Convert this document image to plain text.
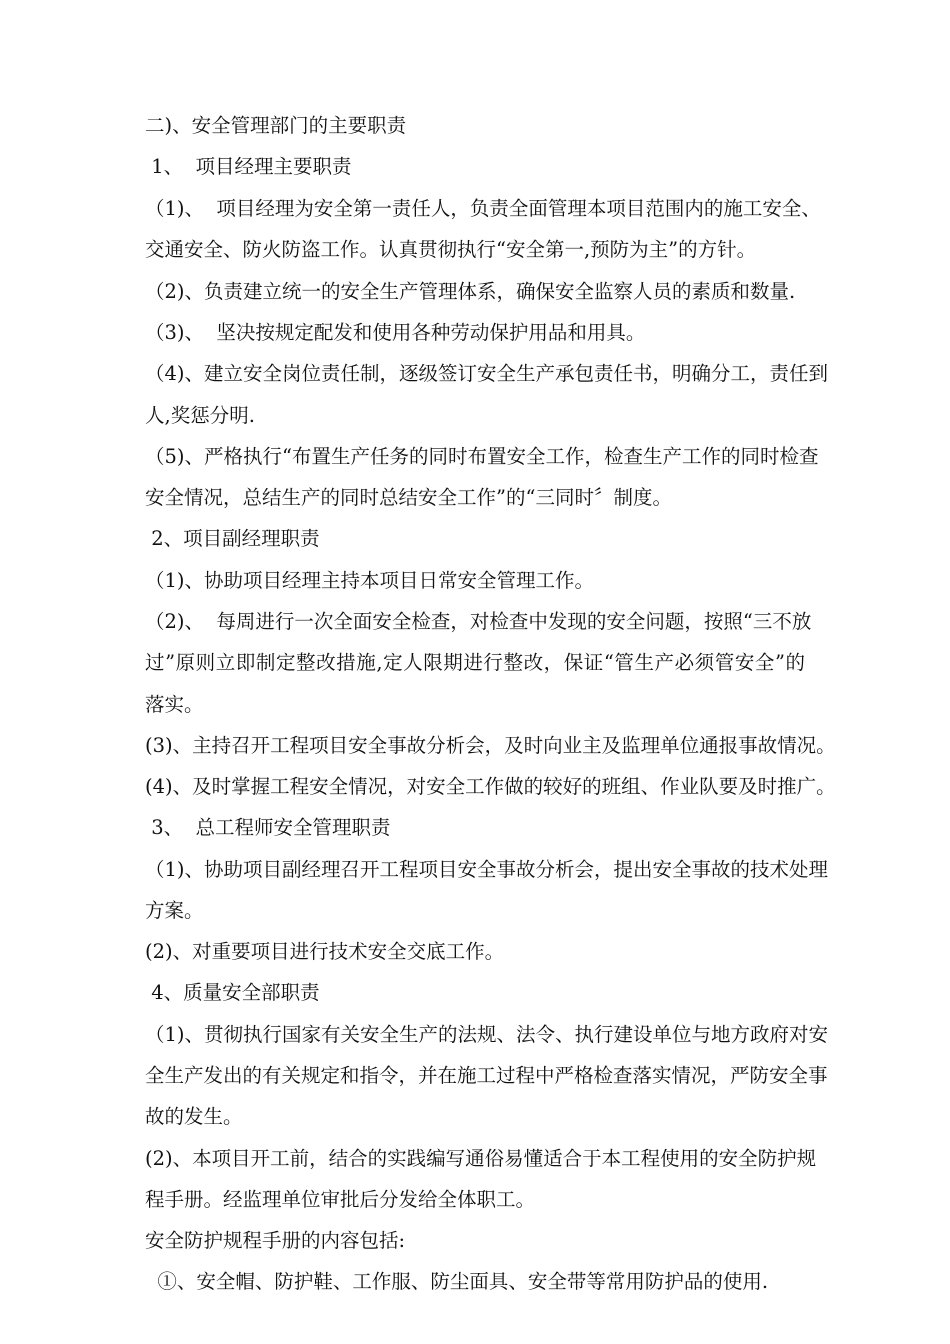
二)、安全管理部门的主要职责
1、  项目经理主要职责
（1)、  项目经理为安全第一责任人，负责全面管理本项目范围内的施工安全、
交通安全、防火防盗工作。认真贯彻执行“安全第一,预防为主”的方针。
（2)、负责建立统一的安全生产管理体系，确保安全监察人员的素质和数量.
（3)、  坚决按规定配发和使用各种劳动保护用品和用具。
（4)、建立安全岗位责任制，逐级签订安全生产承包责任书，明确分工，责任到
人,奖惩分明.
（5)、严格执行“布置生产任务的同时布置安全工作，检查生产工作的同时检查
安全情况，总结生产的同时总结安全工作”的“三同时〞制度。
2、项目副经理职责
（1)、协助项目经理主持本项目日常安全管理工作。
（2)、  每周进行一次全面安全检查，对检查中发现的安全问题，按照“三不放
过”原则立即制定整改措施,定人限期进行整改，保证“管生产必须管安全”的
落实。
(3)、主持召开工程项目安全事故分析会，及时向业主及监理单位通报事故情况。
(4)、及时掌握工程安全情况，对安全工作做的较好的班组、作业队要及时推广。
3、  总工程师安全管理职责
（1)、协助项目副经理召开工程项目安全事故分析会，提出安全事故的技术处理
方案。
(2)、对重要项目进行技术安全交底工作。
4、质量安全部职责
（1)、贯彻执行国家有关安全生产的法规、法令、执行建设单位与地方政府对安
全生产发出的有关规定和指令，并在施工过程中严格检查落实情况，严防安全事
故的发生。
(2)、本项目开工前，结合的实践编写通俗易懂适合于本工程使用的安全防护规
程手册。经监理单位审批后分发给全体职工。
安全防护规程手册的内容包括:
①、安全帽、防护鞋、工作服、防尘面具、安全带等常用防护品的使用.
